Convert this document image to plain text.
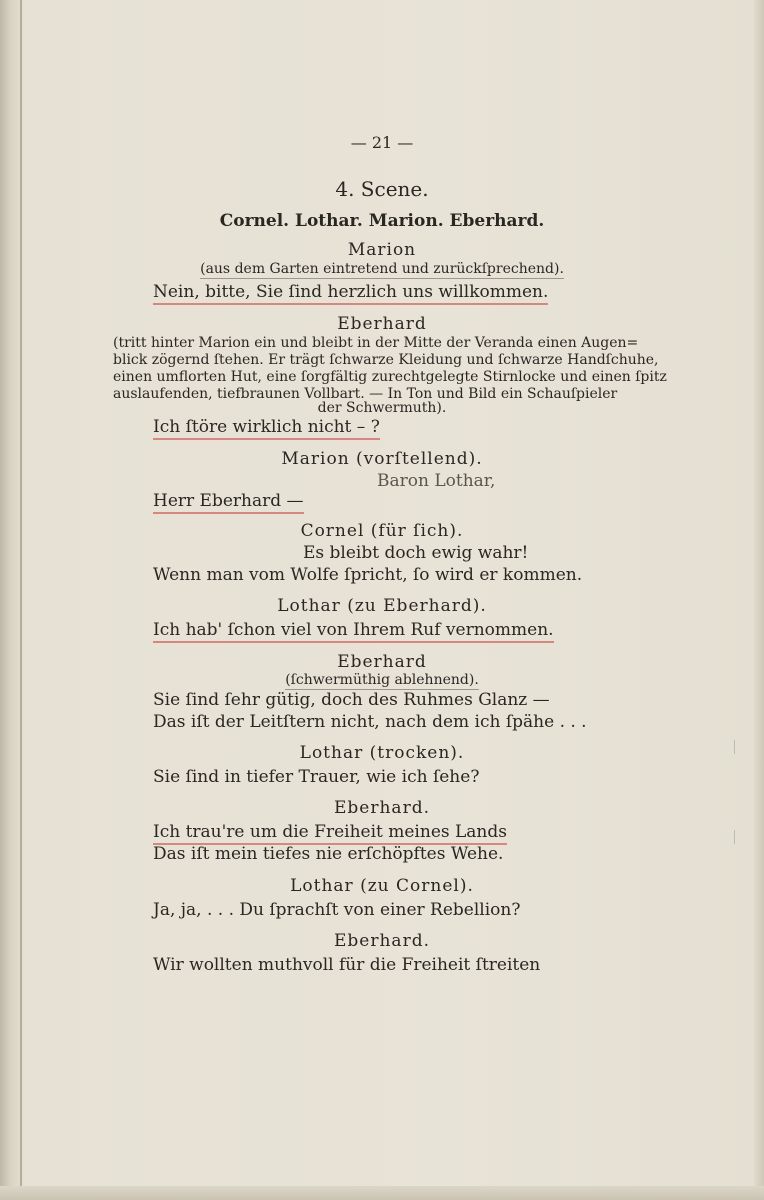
— 21 —
4. Scene.
Cornel. Lothar. Marion. Eberhard.
Marion
(aus dem Garten eintretend und zurückſprechend).
Nein, bitte, Sie ſind herzlich uns willkommen.
Eberhard
(tritt hinter Marion ein und bleibt in der Mitte der Veranda einen Augen=
blick zögernd ſtehen. Er trägt ſchwarze Kleidung und ſchwarze Handſchuhe,
einen umflorten Hut, eine ſorgfältig zurechtgelegte Stirnlocke und einen ſpitz
auslaufenden, tiefbraunen Vollbart. — In Ton und Bild ein Schauſpieler
der Schwermuth).
Ich ſtöre wirklich nicht – ?
Marion (vorſtellend).
Baron Lothar,
Herr Eberhard —
Cornel (für ſich).
Es bleibt doch ewig wahr!
Wenn man vom Wolfe ſpricht, ſo wird er kommen.
Lothar (zu Eberhard).
Ich hab' ſchon viel von Ihrem Ruf vernommen.
Eberhard
(ſchwermüthig ablehnend).
Sie ſind ſehr gütig, doch des Ruhmes Glanz —
Das iſt der Leitſtern nicht, nach dem ich ſpähe . . .
Lothar (trocken).
Sie ſind in tiefer Trauer, wie ich ſehe?
Eberhard.
Ich trau're um die Freiheit meines Lands
Das iſt mein tiefes nie erſchöpftes Wehe.
Lothar (zu Cornel).
Ja, ja, . . . Du ſprachſt von einer Rebellion?
Eberhard.
Wir wollten muthvoll für die Freiheit ſtreiten
